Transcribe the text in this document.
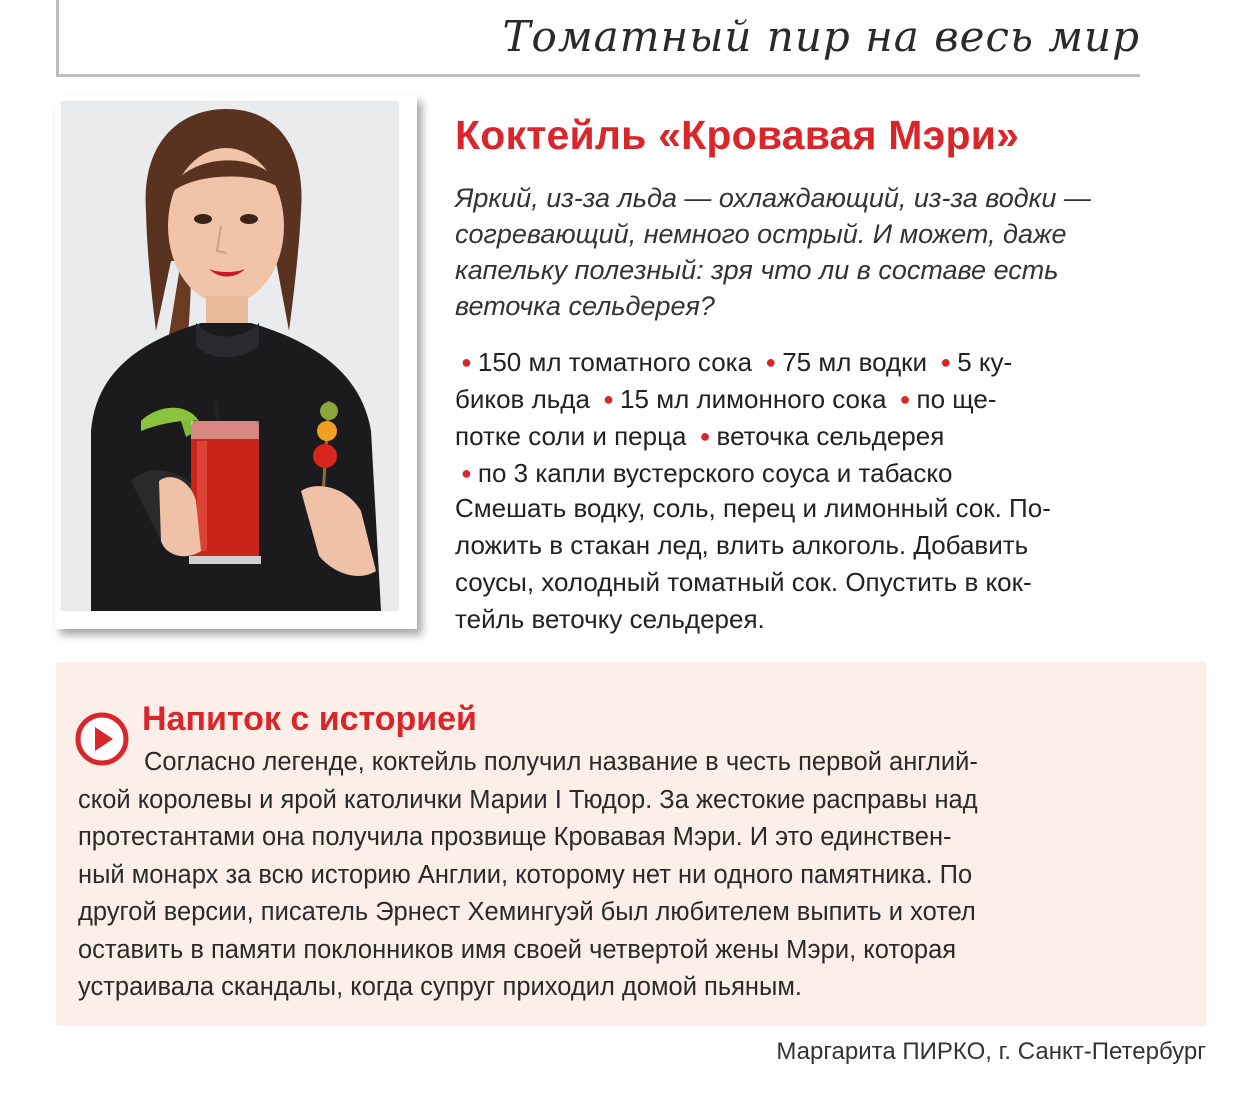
Томатный пир на весь мир
Коктейль «Кровавая Мэри»
Яркий, из-за льда — охлаждающий, из-за водки —
согревающий, немного острый. И может, даже
капельку полезный: зря что ли в составе есть
веточка сельдерея?
● 150 мл томатного сока ● 75 мл водки ● 5 ку-
биков льда ● 15 мл лимонного сока ● по ще-
потке соли и перца ● веточка сельдерея
● по 3 капли вустерского соуса и табаско
Смешать водку, соль, перец и лимонный сок. По-
ложить в стакан лед, влить алкоголь. Добавить
соусы, холодный томатный сок. Опустить в кок-
тейль веточку сельдерея.
Напиток с историей
Согласно легенде, коктейль получил название в честь первой англий-
ской королевы и ярой католички Марии I Тюдор. За жестокие расправы над
протестантами она получила прозвище Кровавая Мэри. И это единствен-
ный монарх за всю историю Англии, которому нет ни одного памятника. По
другой версии, писатель Эрнест Хемингуэй был любителем выпить и хотел
оставить в памяти поклонников имя своей четвертой жены Мэри, которая
устраивала скандалы, когда супруг приходил домой пьяным.
Маргарита ПИРКО, г. Санкт-Петербург
